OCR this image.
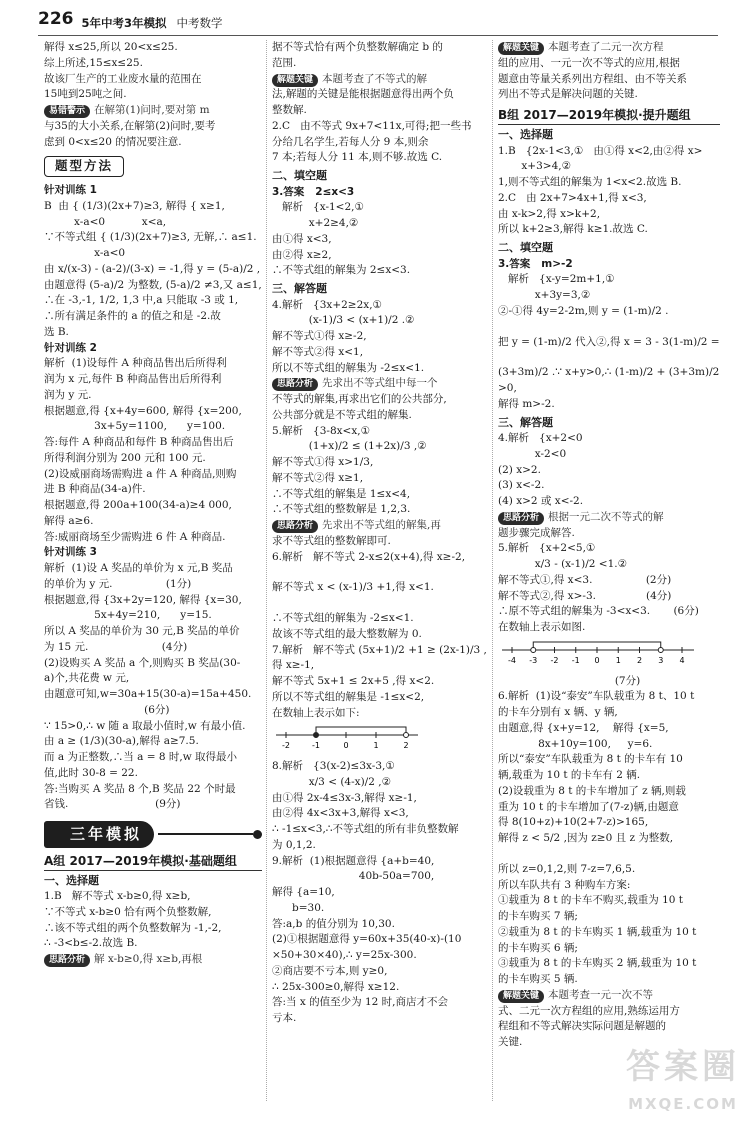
226 5年中考3年模拟 中考数学
解得 x≤25,所以 20<x≤25.
综上所述,15≤x≤25.
故该厂生产的工业废水量的范围在
15吨到25吨之间.
易错警示 在解第(1)问时,要对第 m
与35的大小关系,在解第(2)问时,要考
虑到 0<x≤20 的情况要注意.
题型方法
针对训练 1
B  由 { (1/3)(2x+7)≥3, 解得 { x≥1,
x-a<0           x<a,
∵不等式组 { (1/3)(2x+7)≥3, 无解,∴ a≤1.
x-a<0
由 x/(x-3) - (a-2)/(3-x) = -1,得 y = (5-a)/2 ,
由题意得 (5-a)/2 为整数, (5-a)/2 ≠3,又 a≤1,
∴在 -3,-1, 1/2, 1,3 中,a 只能取 -3 或 1,
∴所有满足条件的 a 的值之和是 -2.故
选 B.
针对训练 2
解析  (1)设每件 A 种商品售出后所得利
润为 x 元,每件 B 种商品售出后所得利
润为 y 元.
根据题意,得 {x+4y=600, 解得 {x=200,
3x+5y=1100,      y=100.
答:每件 A 种商品和每件 B 种商品售出后
所得利润分别为 200 元和 100 元.
(2)设威丽商场需购进 a 件 A 种商品,则购
进 B 种商品(34-a)件.
根据题意,得 200a+100(34-a)≥4 000,
解得 a≥6.
答:威丽商场至少需购进 6 件 A 种商品.
针对训练 3
解析  (1)设 A 奖品的单价为 x 元,B 奖品
的单价为 y 元.                (1分)
根据题意,得 {3x+2y=120, 解得 {x=30,
5x+4y=210,      y=15.
所以 A 奖品的单价为 30 元,B 奖品的单价
为 15 元.                      (4分)
(2)设购买 A 奖品 a 个,则购买 B 奖品(30-
a)个,共花费 w 元,
由题意可知,w=30a+15(30-a)=15a+450.
(6分)
∵ 15>0,∴ w 随 a 取最小值时,w 有最小值.
由 a ≥ (1/3)(30-a),解得 a≥7.5.
而 a 为正整数,∴当 a = 8 时,w 取得最小
值,此时 30-8 = 22.
答:当购买 A 奖品 8 个,B 奖品 22 个时最
省钱.                          (9分)
三年模拟
A组 2017—2019年模拟·基础题组
一、选择题
1.B   解不等式 x-b≥0,得 x≥b,
∵不等式 x-b≥0 恰有两个负整数解,
∴该不等式组的两个负整数解为 -1,-2,
∴ -3<b≤-2.故选 B.
思路分析 解 x-b≥0,得 x≥b,再根
据不等式恰有两个负整数解确定 b 的
范围.
解题关键 本题考查了不等式的解
法,解题的关键是能根据题意得出两个负
整数解.
2.C   由不等式 9x+7<11x,可得;把一些书
分给几名学生,若每人分 9 本,则余
7 本;若每人分 11 本,则不够.故选 C.
二、填空题
3.答案   2≤x<3
解析   {x-1<2,①
x+2≥4,②
由①得 x<3,
由②得 x≥2,
∴不等式组的解集为 2≤x<3.
三、解答题
4.解析   {3x+2≥2x,①
(x-1)/3 < (x+1)/2 .②
解不等式①得 x≥-2,
解不等式②得 x<1,
所以不等式组的解集为 -2≤x<1.
思路分析 先求出不等式组中每一个
不等式的解集,再求出它们的公共部分,
公共部分就是不等式组的解集.
5.解析   {3-8x<x,①
(1+x)/2 ≤ (1+2x)/3 ,②
解不等式①得 x>1/3,
解不等式②得 x≥1,
∴不等式组的解集是 1≤x<4,
∴不等式组的整数解是 1,2,3.
思路分析 先求出不等式组的解集,再
求不等式组的整数解即可.
6.解析   解不等式 2-x≤2(x+4),得 x≥-2,
解不等式 x < (x-1)/3 +1,得 x<1.
∴不等式组的解集为 -2≤x<1.
故该不等式组的最大整数解为 0.
7.解析   解不等式 (5x+1)/2 +1 ≥ (2x-1)/3 ,得 x≥-1,
解不等式 5x+1 ≤ 2x+5 ,得 x<2.
所以不等式组的解集是 -1≤x<2,
在数轴上表示如下:
-2	-1	0	1	2
8.解析   {3(x-2)≤3x-3,①
x/3 < (4-x)/2 ,②
由①得 2x-4≤3x-3,解得 x≥-1,
由②得 4x<3x+3,解得 x<3,
∴ -1≤x<3,∴不等式组的所有非负整数解
为 0,1,2.
9.解析  (1)根据题意得 {a+b=40,
40b-50a=700,
解得 {a=10,
b=30.
答:a,b 的值分别为 10,30.
(2)①根据题意得 y=60x+35(40-x)-(10
×50+30×40),∴ y=25x-300.
②商店要不亏本,则 y≥0,
∴ 25x-300≥0,解得 x≥12.
答:当 x 的值至少为 12 时,商店才不会
亏本.
解题关键 本题考查了二元一次方程
组的应用、一元一次不等式的应用,根据
题意由等量关系列出方程组、由不等关系
列出不等式是解决问题的关键.
B组 2017—2019年模拟·提升题组
一、选择题
1.B   {2x-1<3,①   由①得 x<2,由②得 x>
x+3>4,②
1,则不等式组的解集为 1<x<2.故选 B.
2.C   由 2x+7>4x+1,得 x<3,
由 x-k>2,得 x>k+2,
所以 k+2≥3,解得 k≥1.故选 C.
二、填空题
3.答案   m>-2
解析   {x-y=2m+1,①
x+3y=3,②
②-①得 4y=2-2m,则 y = (1-m)/2 .
把 y = (1-m)/2 代入②,得 x = 3 - 3(1-m)/2 =
(3+3m)/2 .∵ x+y>0,∴ (1-m)/2 + (3+3m)/2 >0,
解得 m>-2.
三、解答题
4.解析   {x+2<0
x-2<0
(2) x>2.
(3) x<-2.
(4) x>2 或 x<-2.
思路分析 根据一元二次不等式的解
题步骤完成解答.
5.解析   {x+2<5,①
x/3 - (x-1)/2 <1.②
解不等式①,得 x<3.                (2分)
解不等式②,得 x>-3.               (4分)
∴原不等式组的解集为 -3<x<3.       (6分)
在数轴上表示如图.
-4 -3 -2 -1 0 1 2 3 4
(7分)
6.解析  (1)设“泰安”车队载重为 8 t、10 t
的卡车分别有 x 辆、y 辆,
由题意,得 {x+y=12,    解得 {x=5,
8x+10y=100,     y=6.
所以“泰安”车队载重为 8 t 的卡车有 10
辆,载重为 10 t 的卡车有 2 辆.
(2)设载重为 8 t 的卡车增加了 z 辆,则载
重为 10 t 的卡车增加了(7-z)辆,由题意
得 8(10+z)+10(2+7-z)>165,
解得 z < 5/2 ,因为 z≥0 且 z 为整数,
所以 z=0,1,2,则 7-z=7,6,5.
所以车队共有 3 种购车方案:
①载重为 8 t 的卡车不购买,载重为 10 t
的卡车购买 7 辆;
②载重为 8 t 的卡车购买 1 辆,载重为 10 t
的卡车购买 6 辆;
③载重为 8 t 的卡车购买 2 辆,载重为 10 t
的卡车购买 5 辆.
解题关键 本题考查一元一次不等
式、二元一次方程组的应用,熟练运用方
程组和不等式解决实际问题是解题的
关键.
答案圈
MXQE.COM
